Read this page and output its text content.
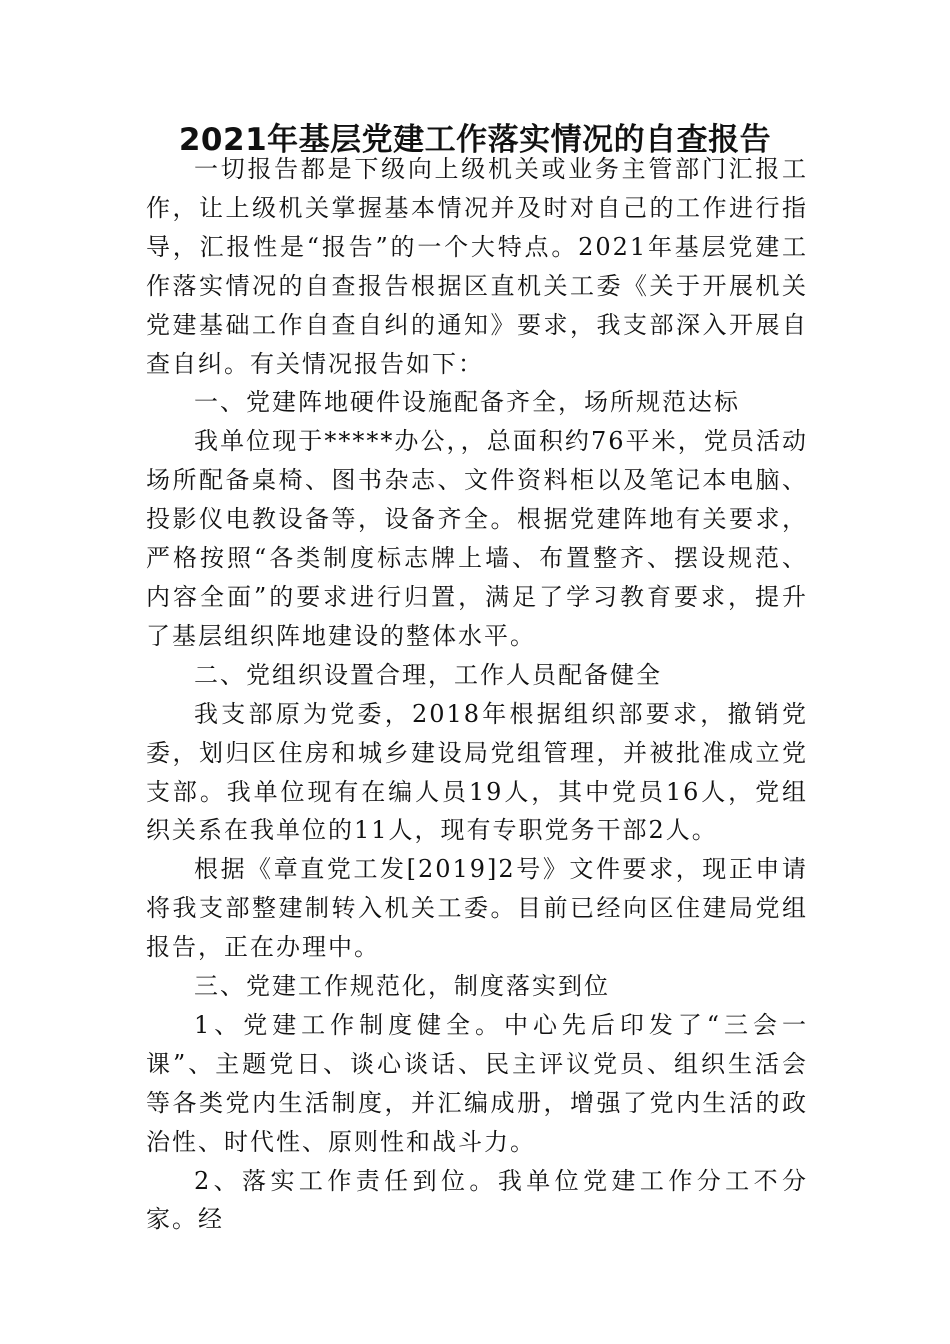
2021年基层党建工作落实情况的自查报告

一切报告都是下级向上级机关或业务主管部门汇报工作，让上级机关掌握基本情况并及时对自己的工作进行指导，汇报性是“报告”的一个大特点。2021年基层党建工作落实情况的自查报告根据区直机关工委《关于开展机关党建基础工作自查自纠的通知》要求，我支部深入开展自查自纠。有关情况报告如下：

一、党建阵地硬件设施配备齐全，场所规范达标

我单位现于*****办公，，总面积约76平米，党员活动场所配备桌椅、图书杂志、文件资料柜以及笔记本电脑、投影仪电教设备等，设备齐全。根据党建阵地有关要求，严格按照“各类制度标志牌上墙、布置整齐、摆设规范、内容全面”的要求进行归置，满足了学习教育要求，提升了基层组织阵地建设的整体水平。

二、党组织设置合理，工作人员配备健全

我支部原为党委，2018年根据组织部要求，撤销党委，划归区住房和城乡建设局党组管理，并被批准成立党支部。我单位现有在编人员19人，其中党员16人，党组织关系在我单位的11人，现有专职党务干部2人。

根据《章直党工发[2019]2号》文件要求，现正申请将我支部整建制转入机关工委。目前已经向区住建局党组报告，正在办理中。

三、党建工作规范化，制度落实到位

1、党建工作制度健全。中心先后印发了“三会一课”、主题党日、谈心谈话、民主评议党员、组织生活会等各类党内生活制度，并汇编成册，增强了党内生活的政治性、时代性、原则性和战斗力。

2、落实工作责任到位。我单位党建工作分工不分家。经
